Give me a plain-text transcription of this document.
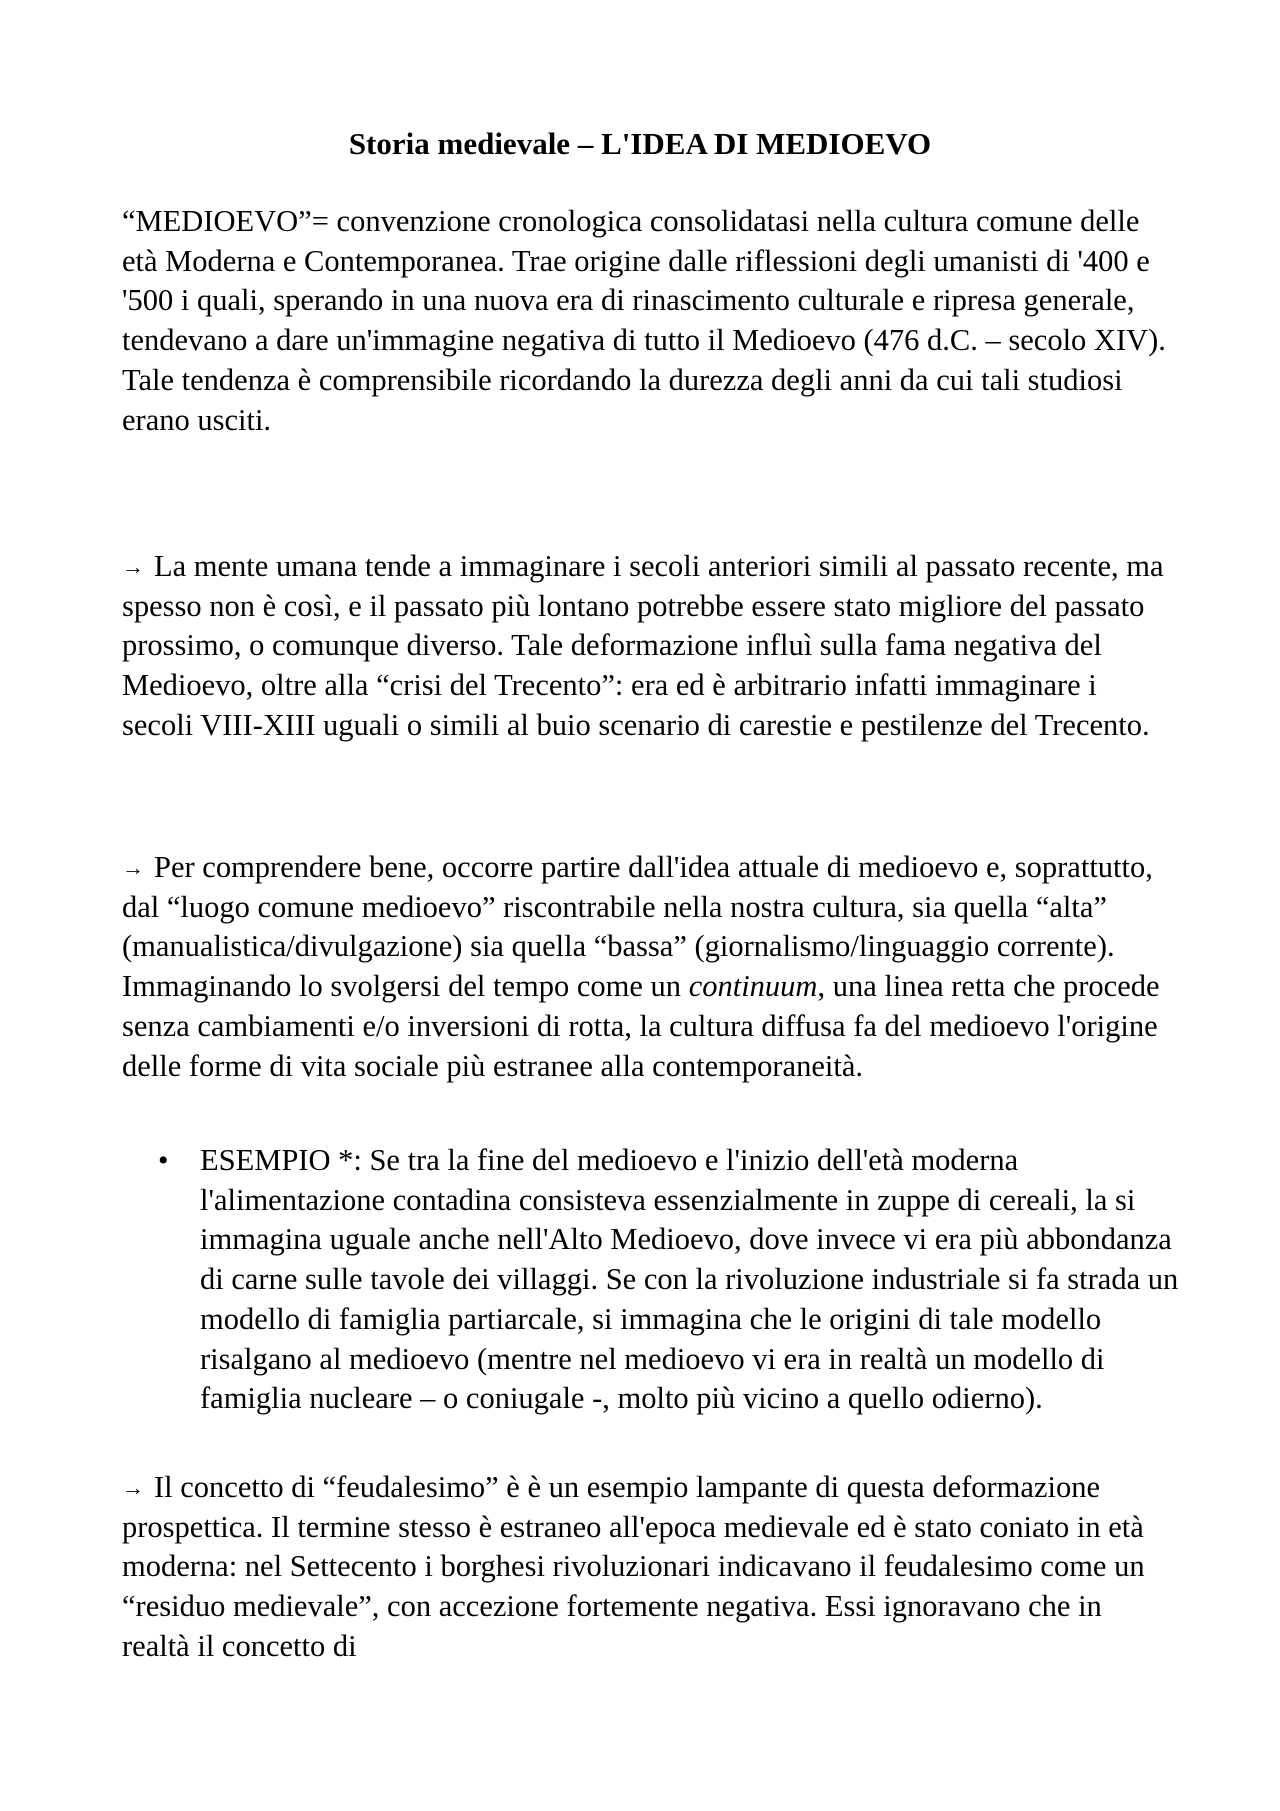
Storia medievale – L'IDEA DI MEDIOEVO
“MEDIOEVO”= convenzione cronologica consolidatasi nella cultura comune delle età Moderna e Contemporanea. Trae origine dalle riflessioni degli umanisti di '400 e '500 i quali, sperando in una nuova era di rinascimento culturale e ripresa generale, tendevano a dare un'immagine negativa di tutto il Medioevo (476 d.C. – secolo XIV). Tale tendenza è comprensibile ricordando la durezza degli anni da cui tali studiosi erano usciti.
→ La mente umana tende a immaginare i secoli anteriori simili al passato recente, ma spesso non è così, e il passato più lontano potrebbe essere stato migliore del passato prossimo, o comunque diverso. Tale deformazione influì sulla fama negativa del Medioevo, oltre alla “crisi del Trecento”: era ed è arbitrario infatti immaginare i secoli VIII-XIII uguali o simili al buio scenario di carestie e pestilenze del Trecento.
→ Per comprendere bene, occorre partire dall'idea attuale di medioevo e, soprattutto, dal “luogo comune medioevo” riscontrabile nella nostra cultura, sia quella “alta” (manualistica/divulgazione) sia quella “bassa” (giornalismo/linguaggio corrente). Immaginando lo svolgersi del tempo come un continuum, una linea retta che procede senza cambiamenti e/o inversioni di rotta, la cultura diffusa fa del medioevo l'origine delle forme di vita sociale più estranee alla contemporaneità.
• ESEMPIO *: Se tra la fine del medioevo e l'inizio dell'età moderna l'alimentazione contadina consisteva essenzialmente in zuppe di cereali, la si immagina uguale anche nell'Alto Medioevo, dove invece vi era più abbondanza di carne sulle tavole dei villaggi. Se con la rivoluzione industriale si fa strada un modello di famiglia partiarcale, si immagina che le origini di tale modello risalgano al medioevo (mentre nel medioevo vi era in realtà un modello di famiglia nucleare – o coniugale -, molto più vicino a quello odierno).
→ Il concetto di “feudalesimo” è è un esempio lampante di questa deformazione prospettica. Il termine stesso è estraneo all'epoca medievale ed è stato coniato in età moderna: nel Settecento i borghesi rivoluzionari indicavano il feudalesimo come un “residuo medievale”, con accezione fortemente negativa. Essi ignoravano che in realtà il concetto di
